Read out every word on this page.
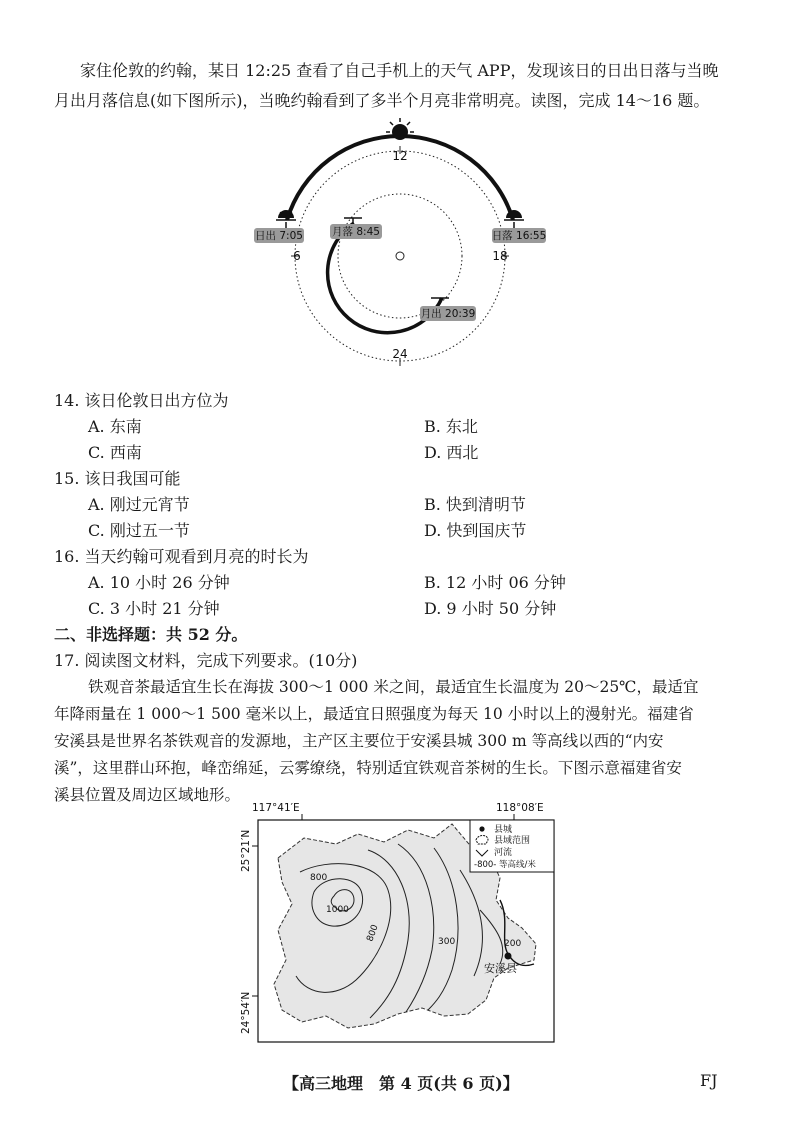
家住伦敦的约翰，某日 12:25 查看了自己手机上的天气 APP，发现该日的日出日落与当晚
月出月落信息(如下图所示)，当晚约翰看到了多半个月亮非常明亮。读图，完成 14～16 题。
日出 7:05	日落 16:55
月落 8:45
月出 20:39
12
6	18
24
14. 该日伦敦日出方位为
A. 东南	B. 东北
C. 西南	D. 西北
15. 该日我国可能
A. 刚过元宵节	B. 快到清明节
C. 刚过五一节	D. 快到国庆节
16. 当天约翰可观看到月亮的时长为
A. 10 小时 26 分钟	B. 12 小时 06 分钟
C. 3 小时 21 分钟	D. 9 小时 50 分钟
二、非选择题：共 52 分。
17. 阅读图文材料，完成下列要求。(10分)
铁观音茶最适宜生长在海拔 300～1 000 米之间，最适宜生长温度为 20～25℃，最适宜
年降雨量在 1 000～1 500 毫米以上，最适宜日照强度为每天 10 小时以上的漫射光。福建省
安溪县是世界名茶铁观音的发源地，主产区主要位于安溪县城 300 m 等高线以西的“内安
溪”，这里群山环抱，峰峦绵延，云雾缭绕，特别适宜铁观音茶树的生长。下图示意福建省安
溪县位置及周边区域地形。
117°41′E	118°08′E
25°21′N
24°54′N
800
1000
800	300	200
安溪县
县城
县域范围
河流
-800- 等高线/米
【高三地理　第 4 页(共 6 页)】	FJ
